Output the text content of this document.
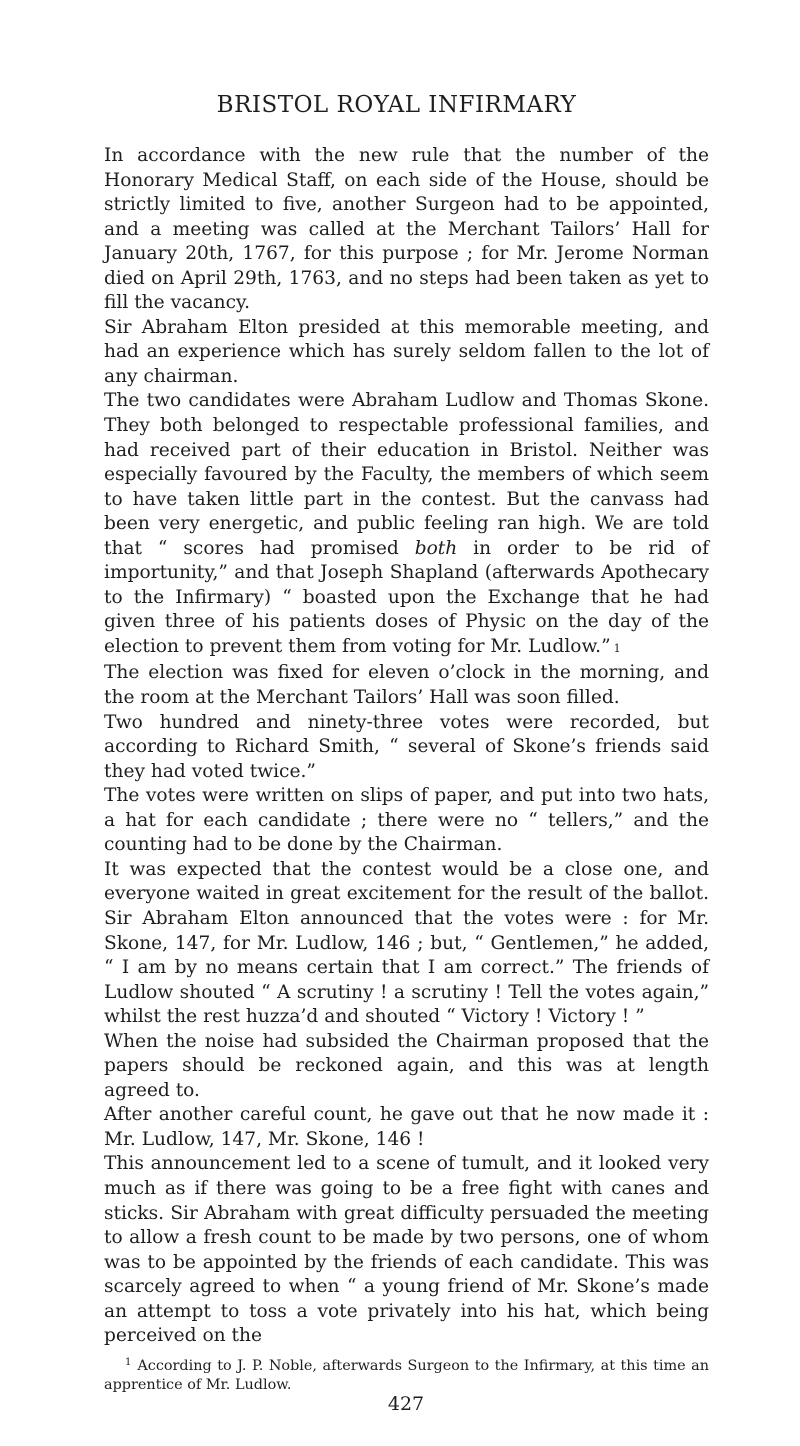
BRISTOL ROYAL INFIRMARY

In accordance with the new rule that the number of the Honorary Medical Staff, on each side of the House, should be strictly limited to five, another Surgeon had to be appointed, and a meeting was called at the Merchant Tailors’ Hall for January 20th, 1767, for this purpose ; for Mr. Jerome Norman died on April 29th, 1763, and no steps had been taken as yet to fill the vacancy.

Sir Abraham Elton presided at this memorable meeting, and had an experience which has surely seldom fallen to the lot of any chairman.

The two candidates were Abraham Ludlow and Thomas Skone. They both belonged to respectable professional families, and had received part of their education in Bristol. Neither was especially favoured by the Faculty, the members of which seem to have taken little part in the contest. But the canvass had been very energetic, and public feeling ran high. We are told that “ scores had promised both in order to be rid of importunity,” and that Joseph Shapland (afterwards Apothecary to the Infirmary) “ boasted upon the Exchange that he had given three of his patients doses of Physic on the day of the election to prevent them from voting for Mr. Ludlow.” 1

The election was fixed for eleven o’clock in the morning, and the room at the Merchant Tailors’ Hall was soon filled.

Two hundred and ninety-three votes were recorded, but according to Richard Smith, “ several of Skone’s friends said they had voted twice.”

The votes were written on slips of paper, and put into two hats, a hat for each candidate ; there were no “ tellers,” and the counting had to be done by the Chairman.

It was expected that the contest would be a close one, and everyone waited in great excitement for the result of the ballot. Sir Abraham Elton announced that the votes were : for Mr. Skone, 147, for Mr. Ludlow, 146 ; but, “ Gentlemen,” he added, “ I am by no means certain that I am correct.” The friends of Ludlow shouted “ A scrutiny ! a scrutiny ! Tell the votes again,” whilst the rest huzza’d and shouted “ Victory ! Victory ! ”

When the noise had subsided the Chairman proposed that the papers should be reckoned again, and this was at length agreed to.

After another careful count, he gave out that he now made it : Mr. Ludlow, 147, Mr. Skone, 146 !

This announcement led to a scene of tumult, and it looked very much as if there was going to be a free fight with canes and sticks. Sir Abraham with great difficulty persuaded the meeting to allow a fresh count to be made by two persons, one of whom was to be appointed by the friends of each candidate. This was scarcely agreed to when “ a young friend of Mr. Skone’s made an attempt to toss a vote privately into his hat, which being perceived on the

$^1$ According to J. P. Noble, afterwards Surgeon to the Infirmary, at this time an apprentice of Mr. Ludlow.
427
